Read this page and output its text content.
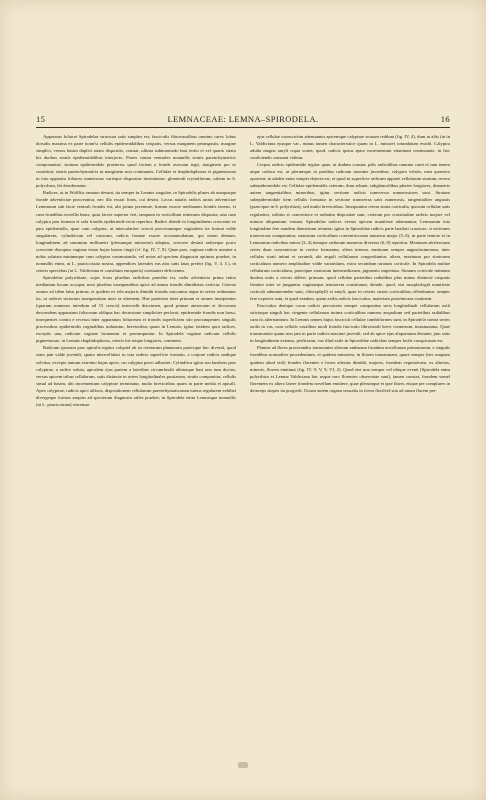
15	LEMNACEAE: LEMNA–SPIRODELA.	16

Apparatus foliacei Spirodelae structura satis simplex est; fasciculis fibrovasalibus omnino caret; lobus dorsalis maxima ex parte nonn'si cellulis epidermidalibus crispatis, versus marginem perangustis, margine simplici, versus basim duplici strato dispositis, constat, ultima submarmodo basi tertio et vel quarto strato his duobus stratis epidermidalibus interjecto. Partes contra ventrales nonnullis stratis parenchymaticis componuntur; stratum epidermidale praeterea, quod faciem a fronde aversam tegit, marginem pro se constituit, stratis parenchymaticis in marginem non continuatis. Cellulae et rhaphidophorae et pigmentosae in toto apparatu foliaceo numerosae varieque dispositae inveniuntur; glomeruli crystallorum, saltem in S. polyrrhiza, ibi desiderantur.

Radices, ut in Wolffiis omnino desunt, ita semper in Lemnis singulae, in Spirodelis plures ab unaquaque fronde adventiciae procreantur, nec illa exstat frons, cui desint. Locus natalis radicis unius adventiciae Lemnarum sub facie ventrali frondis est, ubi prima juventute, lineam exacte medianam frondis tenens, et cum frondibus novellis basis, quas facies superior fert, tanquam in verticillum trimerum disposita, una cum calyptra jam formata et sola frondis epidermide tecta reperitur. Radice deinde in longitudinem crescente ex pars epidermidis, quae cum calyptra, ut intercalariter crescit processumque vaginalem ita format valde singularem, cylindricum vel conicum, radicis formae exacte accommodatum, qui tenon demum, longitudinem ad summum millimetri (plerumque minorem) adeptus, crescere desinit radiceque porro crescente disruptus vaginae instar hujus basim cingit (cf. fig. IV, 7, 8). Quae pars, vaginae radicis nomine a nobis salutata minimeque cum calyptra commutanda, vel notas ad speciem diagnosin optimas praebet, in nonnullis enim, ut L. paucicostata nostra, appendices laterales eas alas satis latas prefert (fig. V, 4. 5.), in ceteris speciebus (ut L. Valdiviana et consilium europaeis) constanter deficientes.

Spirodelae polyrrhizae, cujus frons pluribus radicibus praedita est, radix adventicia prima initio medianum locum occupat; mox pluribus insequentibus apice ad nimus frondis dimidiatus verticur. Ceterae omnes ad idem latus primae, et quidem ex tela majoris dimidii frondis nascuntur atque in series ordinantur ita, ut radices seriorum insequentium inter se alternent. Hae praeterea inter primam et omnes insequentes (quarum numerus interdum ad 15 crescit) intercedit discrimen, quod primae antrorsum et decorsum descendens apparatum foliaceum obliqua hac decurrione simpliciter perforat, epidermide frondis non laeso, insequentes contra e recessu inter apparatum foliaceum et frondis superficiem sito procumpentes singulis processibus epidermidis vaginalibus induuntur, brevioribus quam in Lemnis; igitur totidem quot radices, exceptis una, radicum vaginae formantur et perrumpuntur. In Spirodela vaginae radicum cellulis pigmentosae, in Lemnis rhaphidophoras, ceteris bis terque longiores, continent.

Radicum ipsarum pars apicalis tegitur calyptrâ ab ea ceterarum plantarum praecique hoc diversâ, quod statu jam valde juvenili, spatio intercellulari in tota radicis superficie formato, a corpore radicis undique solvitur, excepto tantum extremo hujus apice, cui calyptra porro adhaeret. Cylindrica igitur seu basilaris pars calyptrae, a radice soluta, apicalem ejus partem a lateribus circumfusdit altimaque basi uno tum doctus, versus apicem tribus cellularum, satis distincte in series longitudinales positarum, stratis componitur, cellulis simul ad basim, ubi incrementum calyptrae terminatur, multo brevioribus quam in parte media et apicali. Apex calyptrae, radicis apici affixus, dispositionem cellularum parenchymaticarum minus regularem exhibet divergeque formas saepius ad specierum diagnosin utiles praebet; in Spirodela enim Lemnisque nonnullis (ut L. paucicostata) extremae

ejus cellulae conoscictim attenuantur apicemque calyptrae acutum reddunt (fig. IV, 4), dum in aliis (ut in L. Valdiviana ejusque var., minus tamen characteristice quam in L. minore) rotundatum evadit. Calyptra adulta magna amyli copia scatet, quod, radicis ipsius apice incrementum etiamtum continuante, in hoc conficiendo consumi videtur.

Corpus radicis epidermide tegitur quae, ut dudum constat, pilis radicalibus omnino caret et tam tenera atque caduca est, ut plerumque in partibus radicum maxime juvenibus, calyptra velatis, eam quaerere oporteat; in adultis enim semper dejecta est, et quod in superficie radicum apparet cellularum stratum, revera subepidermidale est. Cellulae epidermidis ceterum, dum adsunt, subglanorilibus pluries longiores, diametris autem tangentialibus minoribus, igitur sectione radicis transversa numerosiores sunt. Stratum subepidermidale item cellulis formatur in sectione transversa satis numerosis, tangentialiter angustis (praecipue in S. polyrrhiza), sed multo brevioribus. Insequuntur cetera strata corticalia, quorum cellulae satis regulariter, solitim et concentrice et radiatim dispositae sunt, ceterum pro crassitudine radicis majore vel minore aliquantum variant. Spirodelae radices versus apicem manifeste attenuantur, Lemnarum tota longitudine fere eundem diametrum retinent; igitur in Spirodelae radicis parte basilari crassiore, si sectiones transversae comparantur, stratorum corticalium concentricorum numerus major (5–6), in parte teniore et in Lemnarum radicibus minor (3–4) itemque radiorum numerus diversus (6–9) reperitur. Meatuum aëriferorum series duae concentricae in cortice formantur, altera interna, meatuum semper angustissimorum, inter cellulas strati intimi et secundi, ubi anguli cellularum congrediuntur, altera, meatuum pro stratorum corticalium numero amplitudine valde variantium, extra secundum stratum corticale. In Spirodela multae cellularum corticalium, praecipue stratorum intermediorum, pigmento impientur. Stratum corticale intimum duobus notis a ceteris differt: primum, quod cellulae parietibus radialibus plus minus distincte crispatis firmiter inter se junguntur vaginaeque tenuiorem constituunt, deinde, quod, etsi morphologiâ manifeste corticali adnumerandae sunt, chlorophylli et amyli, quae in ceteris stratis corticalibus offenduntur, semper fere expertes sunt, et quod eandem, quam axilis radicis fasciculus, materiam proteïnicam continent.

Fasciculus denique cacus radicis percurrens semper componitur seris longitudinali cellularum axili strictaque singuli hac cingente cellularum intima corticalibus numero aequalium sed parietibus radialibus cum iis alternantium. In Lemnis omnes hujus fasciculi cellulae cambiiformes sunt, in Spirodela contra series axilis in vas, cum cellulis vasalibus modi frondis fasciculo fibrovasali brevi connexum, transmutatur. Quae transmutatio quum non jam in parte radicis maxime juvenili, sed ab apice ejus aliquantum distante, jam satis in longitudinem extensa, perficiatur, vas illud axile in Spirodelae radicibus semper facile conspicuum est.

Plantae ad flores procreandos transeuntes alterum ambarum frondum novellarum primariarum, e singulis frondibus normaliter procedentium, et quidem minorem, in florem transmutant, quare semper (nec unquam quidem aliud vidi) frondes florentes e fovea alterius dimidii, majoris, frondem vegetativam, ex alterius, minoris, florem emittunt (fig. IV, 9; V, 9; VI, 2). Quod etsi non semper vel ubique evenit (Spirodela enim polyrrhiza et Lemna Valdiviana hac usque raro florentes observatae sunt), tamen constat, frondem semel florentem ex altero latere frondem novellam emittere, quae plerumque et ipse floret, eisque per complures in deinceps stirpes ita progredi. Utrum autem organa sexualia in fovea floriferâ sita ad unum florem per-
